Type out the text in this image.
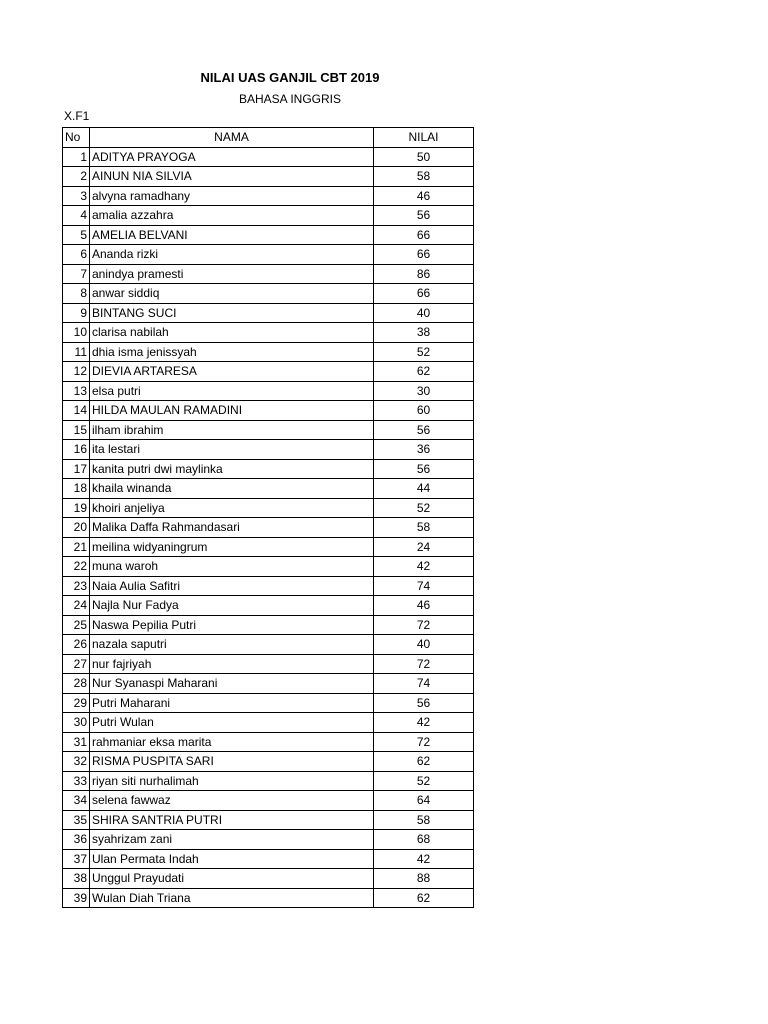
NILAI UAS GANJIL CBT 2019
BAHASA INGGRIS
X.F1
No	NAMA	NILAI
1	ADITYA PRAYOGA	50
2	AINUN NIA SILVIA	58
3	alvyna ramadhany	46
4	amalia azzahra	56
5	AMELIA BELVANI	66
6	Ananda rizki	66
7	anindya pramesti	86
8	anwar siddiq	66
9	BINTANG SUCI	40
10	clarisa nabilah	38
11	dhia isma jenissyah	52
12	DIEVIA ARTARESA	62
13	elsa putri	30
14	HILDA MAULAN RAMADINI	60
15	ilham ibrahim	56
16	ita lestari	36
17	kanita putri dwi maylinka	56
18	khaila winanda	44
19	khoiri anjeliya	52
20	Malika Daffa Rahmandasari	58
21	meilina widyaningrum	24
22	muna waroh	42
23	Naia Aulia Safitri	74
24	Najla Nur Fadya	46
25	Naswa Pepilia Putri	72
26	nazala saputri	40
27	nur fajriyah	72
28	Nur Syanaspi Maharani	74
29	Putri Maharani	56
30	Putri Wulan	42
31	rahmaniar eksa marita	72
32	RISMA PUSPITA SARI	62
33	riyan siti nurhalimah	52
34	selena fawwaz	64
35	SHIRA SANTRIA PUTRI	58
36	syahrizam zani	68
37	Ulan Permata Indah	42
38	Unggul Prayudati	88
39	Wulan Diah Triana	62
